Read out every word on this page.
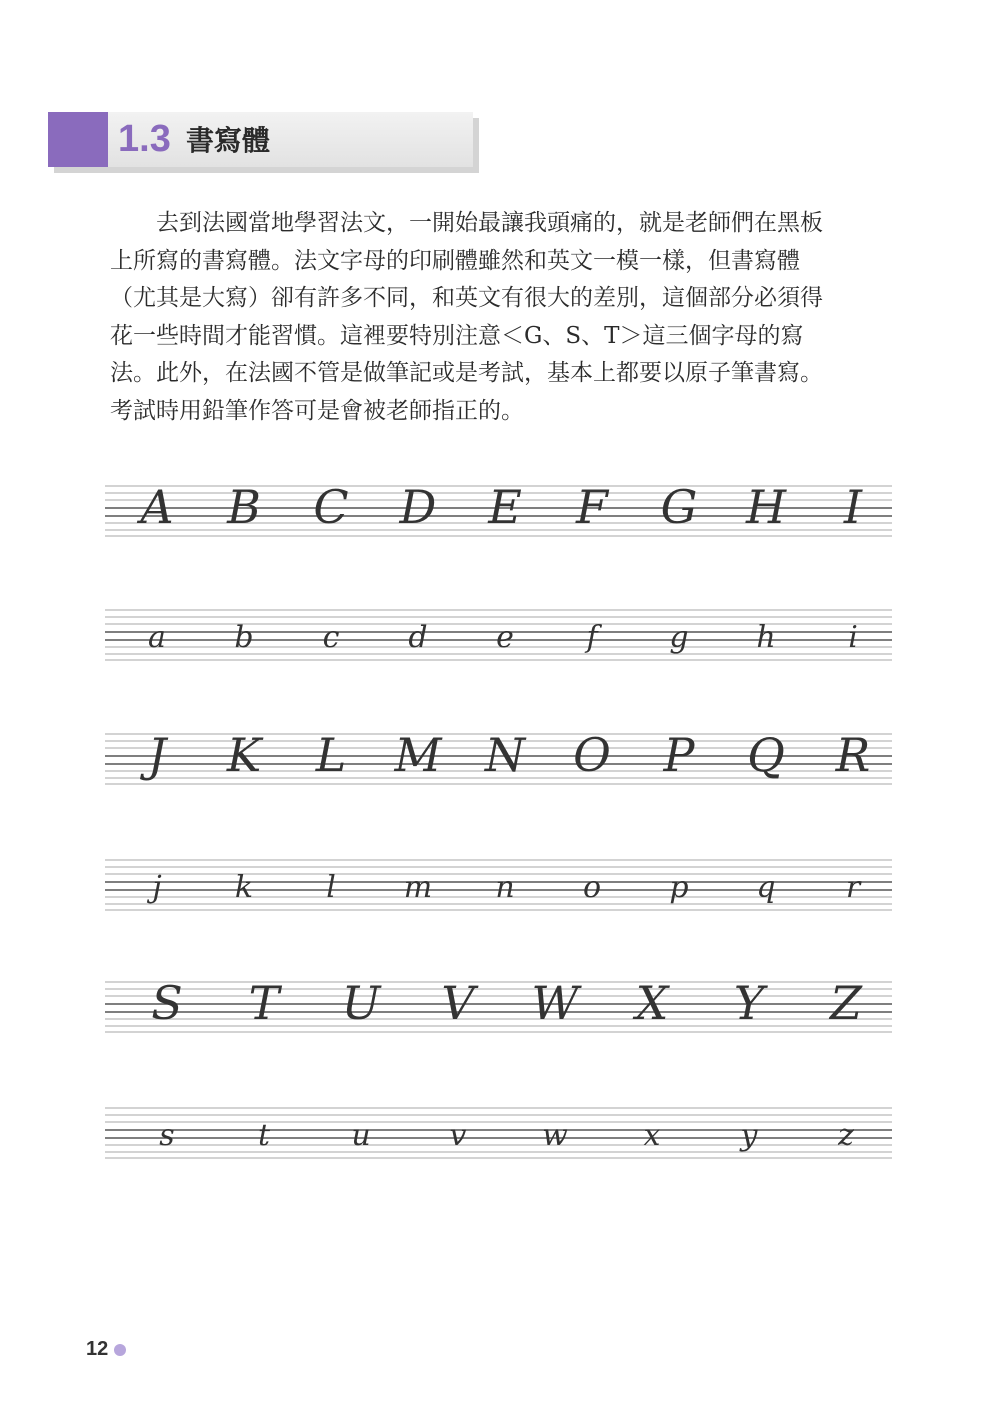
1.3 書寫體
去到法國當地學習法文，一開始最讓我頭痛的，就是老師們在黑板
上所寫的書寫體。法文字母的印刷體雖然和英文一模一樣，但書寫體
（尤其是大寫）卻有許多不同，和英文有很大的差別，這個部分必須得
花一些時間才能習慣。這裡要特別注意＜G、S、T＞這三個字母的寫
法。此外，在法國不管是做筆記或是考試，基本上都要以原子筆書寫。
考試時用鉛筆作答可是會被老師指正的。
A B C D E	F	G H	I
a	b	c	d	e	f	g	h	i
J	K	L	M N O	P	Q R
j	k	l	m	n	o	p	q	r
S	T	U V W X	Y	Z
s	t	u	v	w	x	y	z
12
